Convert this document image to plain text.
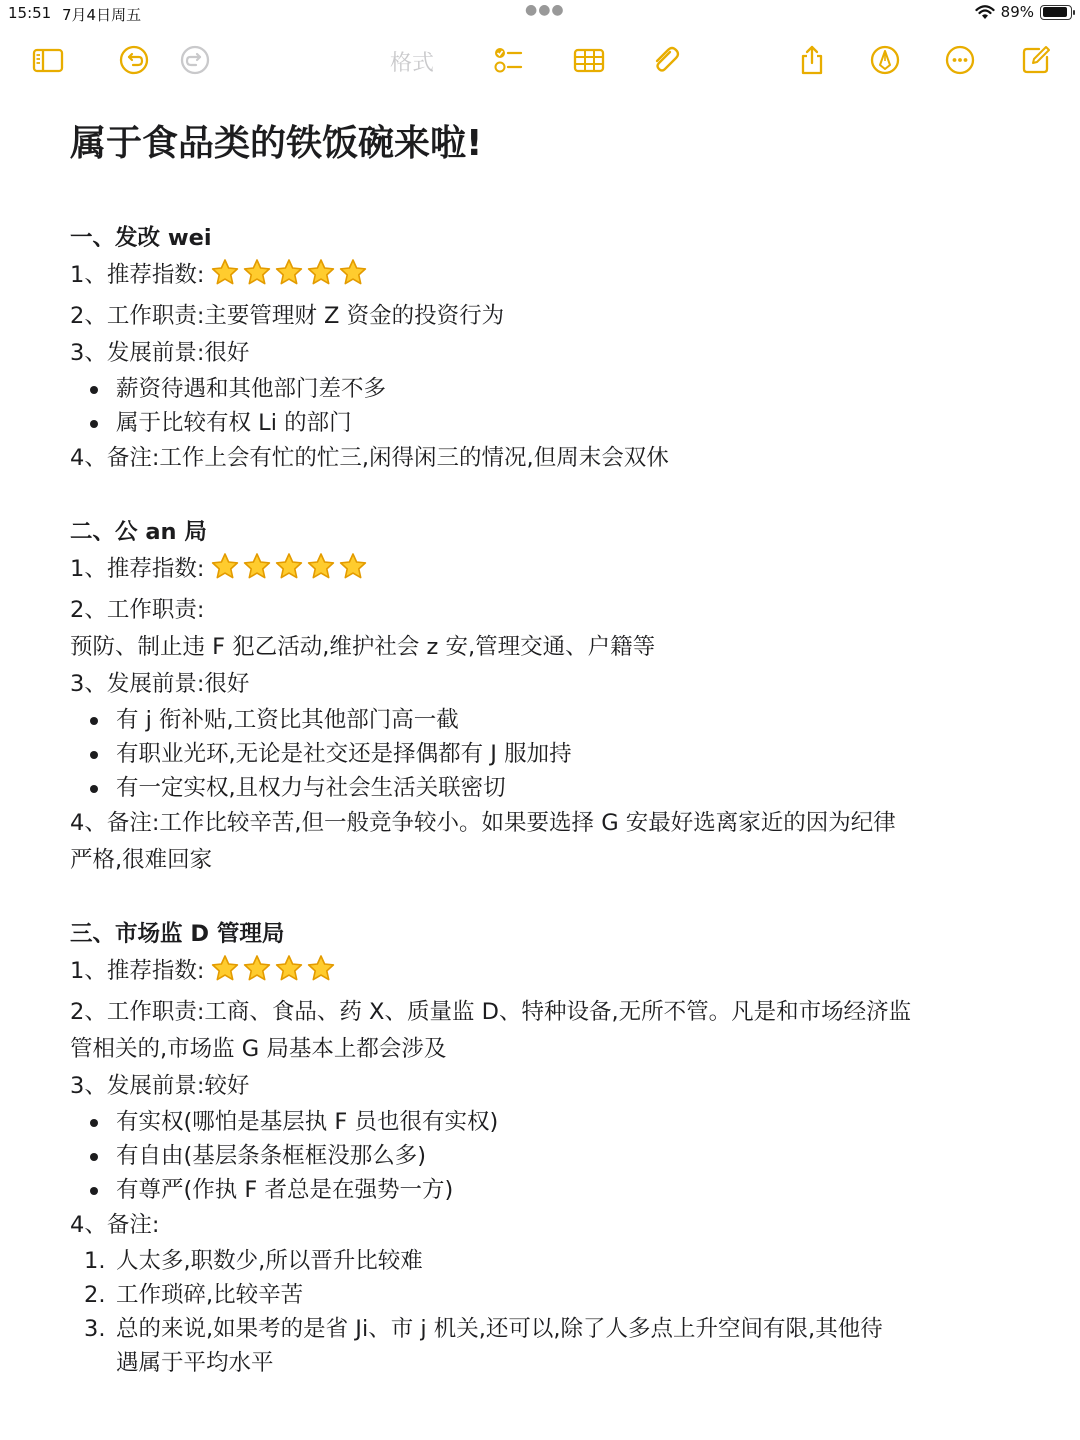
15:51 7月4日周五	●●●	89%
格式
属于食品类的铁饭碗来啦!
一、发改 wei
1、推荐指数:
2、工作职责:主要管理财 Z 资金的投资行为
3、发展前景:很好
薪资待遇和其他部门差不多
属于比较有权 Li 的部门
4、备注:工作上会有忙的忙三,闲得闲三的情况,但周末会双休
二、公 an 局
1、推荐指数:
2、工作职责:
预防、制止违 F 犯乙活动,维护社会 z 安,管理交通、户籍等
3、发展前景:很好
有 j 衔补贴,工资比其他部门高一截
有职业光环,无论是社交还是择偶都有 J 服加持
有一定实权,且权力与社会生活关联密切
4、备注:工作比较辛苦,但一般竞争较小。如果要选择 G 安最好选离家近的因为纪律
严格,很难回家
三、市场监 D 管理局
1、推荐指数:
2、工作职责:工商、食品、药 X、质量监 D、特种设备,无所不管。凡是和市场经济监
管相关的,市场监 G 局基本上都会涉及
3、发展前景:较好
有实权(哪怕是基层执 F 员也很有实权)
有自由(基层条条框框没那么多)
有尊严(作执 F 者总是在强势一方)
4、备注:
1. 人太多,职数少,所以晋升比较难
2. 工作琐碎,比较辛苦
3. 总的来说,如果考的是省 Ji、市 j 机关,还可以,除了人多点上升空间有限,其他待
遇属于平均水平
